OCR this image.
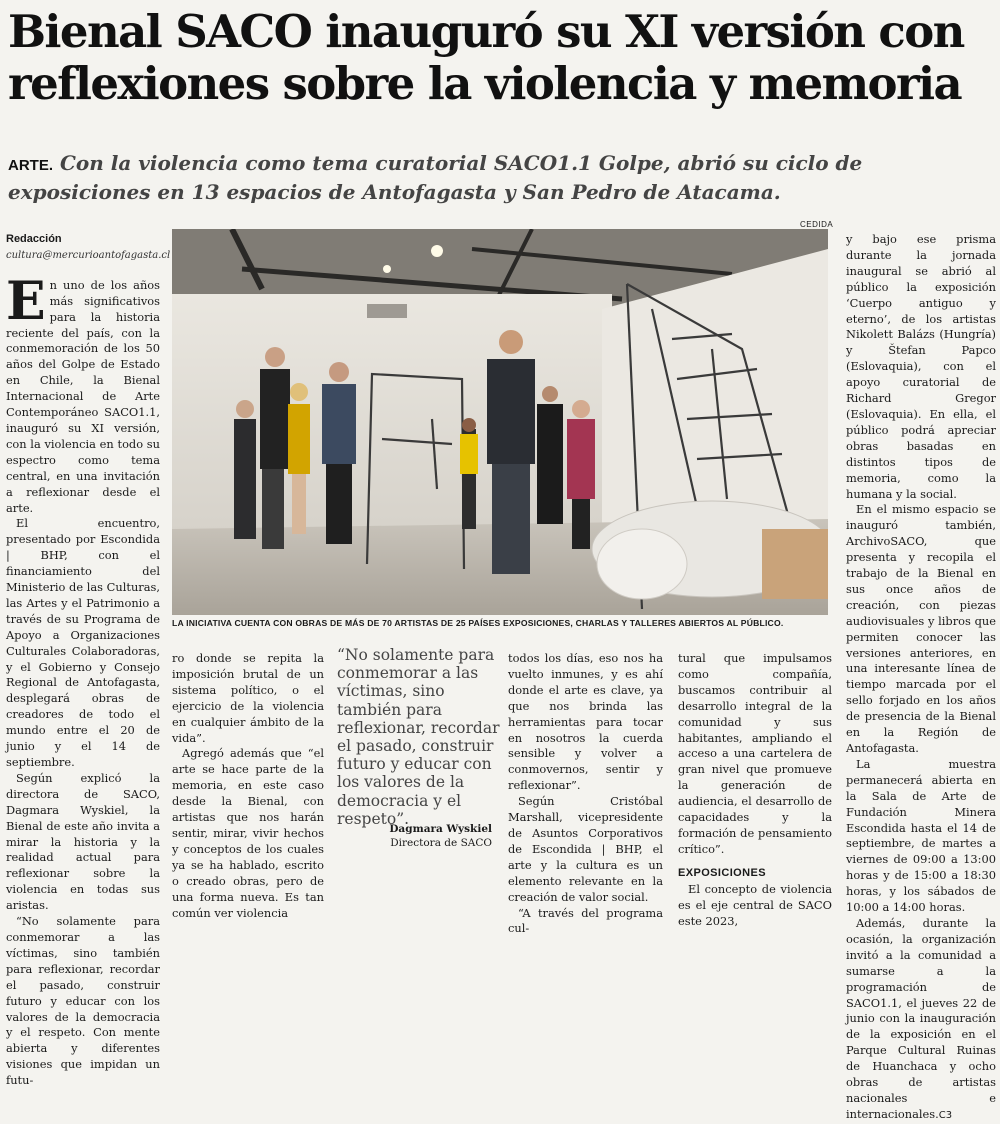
Bienal SACO inauguró su XI versión con reflexiones sobre la violencia y memoria
ARTE. Con la violencia como tema curatorial SACO1.1 Golpe, abrió su ciclo de exposiciones en 13 espacios de Antofagasta y San Pedro de Atacama.
Redacción
cultura@mercurioantofagasta.cl

En uno de los años más significativos para la historia reciente del país, con la conmemoración de los 50 años del Golpe de Estado en Chile, la Bienal Internacional de Arte Contemporáneo SACO1.1, inauguró su XI versión, con la violencia en todo su espectro como tema central, en una invitación a reflexionar desde el arte.

El encuentro, presentado por Escondida | BHP, con el financiamiento del Ministerio de las Culturas, las Artes y el Patrimonio a través de su Programa de Apoyo a Organizaciones Culturales Colaboradoras, y el Gobierno y Consejo Regional de Antofagasta, desplegará obras de creadores de todo el mundo entre el 20 de junio y el 14 de septiembre.

Según explicó la directora de SACO, Dagmara Wyskiel, la Bienal de este año invita a mirar la historia y la realidad actual para reflexionar sobre la violencia en todas sus aristas.

“No solamente para conmemorar a las víctimas, sino también para reflexionar, recordar el pasado, construir futuro y educar con los valores de la democracia y el respeto. Con mente abierta y diferentes visiones que impidan un futu-

CEDIDA
LA INICIATIVA CUENTA CON OBRAS DE MÁS DE 70 ARTISTAS DE 25 PAÍSES EXPOSICIONES, CHARLAS Y TALLERES ABIERTOS AL PÚBLICO.

ro donde se repita la imposición brutal de un sistema político, o el ejercicio de la violencia en cualquier ámbito de la vida”.

Agregó además que “el arte se hace parte de la memoria, en este caso desde la Bienal, con artistas que nos harán sentir, mirar, vivir hechos y conceptos de los cuales ya se ha hablado, escrito o creado obras, pero de una forma nueva. Es tan común ver violencia

“No solamente para conmemorar a las víctimas, sino también para reflexionar, recordar el pasado, construir futuro y educar con los valores de la democracia y el respeto”.
Dagmara Wyskiel
Directora de SACO

todos los días, eso nos ha vuelto inmunes, y es ahí donde el arte es clave, ya que nos brinda las herramientas para tocar en nosotros la cuerda sensible y volver a conmovernos, sentir y reflexionar”.

Según Cristóbal Marshall, vicepresidente de Asuntos Corporativos de Escondida | BHP, el arte y la cultura es un elemento relevante en la creación de valor social.

“A través del programa cul-

tural que impulsamos como compañía, buscamos contribuir al desarrollo integral de la comunidad y sus habitantes, ampliando el acceso a una cartelera de gran nivel que promueve la generación de audiencia, el desarrollo de capacidades y la formación de pensamiento crítico”.

EXPOSICIONES

El concepto de violencia es el eje central de SACO este 2023,

y bajo ese prisma durante la jornada inaugural se abrió al público la exposición ‘Cuerpo antiguo y eterno’, de los artistas Nikolett Balázs (Hungría) y Štefan Papco (Eslovaquia), con el apoyo curatorial de Richard Gregor (Eslovaquia). En ella, el público podrá apreciar obras basadas en distintos tipos de memoria, como la humana y la social.

En el mismo espacio se inauguró también, ArchivoSACO, que presenta y recopila el trabajo de la Bienal en sus once años de creación, con piezas audiovisuales y libros que permiten conocer las versiones anteriores, en una interesante línea de tiempo marcada por el sello forjado en los años de presencia de la Bienal en la Región de Antofagasta.

La muestra permanecerá abierta en la Sala de Arte de Fundación Minera Escondida hasta el 14 de septiembre, de martes a viernes de 09:00 a 13:00 horas y de 15:00 a 18:30 horas, y los sábados de 10:00 a 14:00 horas.

Además, durante la ocasión, la organización invitó a la comunidad a sumarse a la programación de SACO1.1, el jueves 22 de junio con la inauguración de la exposición en el Parque Cultural Ruinas de Huanchaca y ocho obras de artistas nacionales e internacionales.C3
